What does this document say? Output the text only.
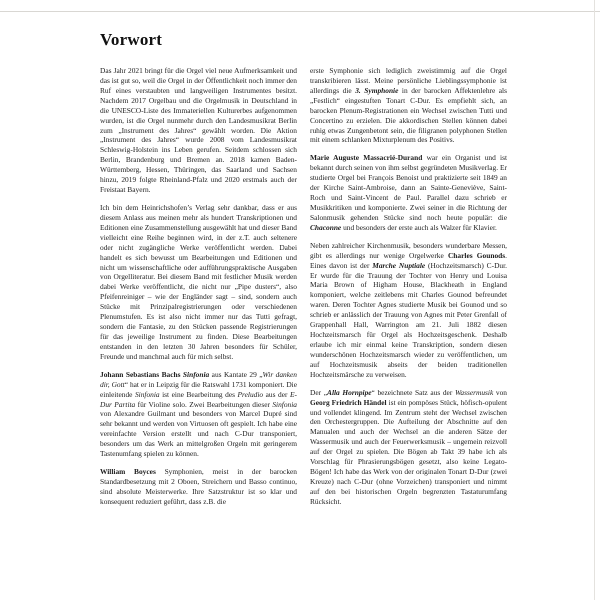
Vorwort

Das Jahr 2021 bringt für die Orgel viel neue Aufmerksamkeit und das ist gut so, weil die Orgel in der Öffentlichkeit noch immer den Ruf eines verstaubten und langweiligen Instrumentes besitzt. Nachdem 2017 Orgelbau und die Orgelmusik in Deutschland in die UNESCO-Liste des Immateriellen Kulturerbes aufgenommen wurden, ist die Orgel nunmehr durch den Landesmusikrat Berlin zum „Instrument des Jahres“ gewählt worden. Die Aktion „Instrument des Jahres“ wurde 2008 vom Landesmusikrat Schleswig-Holstein ins Leben gerufen. Seitdem schlossen sich Berlin, Brandenburg und Bremen an. 2018 kamen Baden-Württemberg, Hessen, Thüringen, das Saarland und Sachsen hinzu, 2019 folgte Rheinland-Pfalz und 2020 erstmals auch der Freistaat Bayern.

Ich bin dem Heinrichshofen’s Verlag sehr dankbar, dass er aus diesem Anlass aus meinen mehr als hundert Transkriptionen und Editionen eine Zusammenstellung ausgewählt hat und dieser Band vielleicht eine Reihe beginnen wird, in der z.T. auch seltenere oder nicht zugängliche Werke veröffentlicht werden. Dabei handelt es sich bewusst um Bearbeitungen und Editionen und nicht um wissenschaftliche oder aufführungspraktische Ausgaben von Orgelliteratur. Bei diesem Band mit festlicher Musik werden dabei Werke veröffentlicht, die nicht nur „Pipe dusters“, also Pfeifenreiniger – wie der Engländer sagt – sind, sondern auch Stücke mit Prinzipalregistrierungen oder verschiedenen Plenumstufen. Es ist also nicht immer nur das Tutti gefragt, sondern die Fantasie, zu den Stücken passende Registrierungen für das jeweilige Instrument zu finden. Diese Bearbeitungen entstanden in den letzten 30 Jahren besonders für Schüler, Freunde und manchmal auch für mich selbst.

Johann Sebastians Bachs Sinfonia aus Kantate 29 „Wir danken dir, Gott“ hat er in Leipzig für die Ratswahl 1731 komponiert. Die einleitende Sinfonia ist eine Bearbeitung des Preludio aus der E-Dur Partita für Violine solo. Zwei Bearbeitungen dieser Sinfonia von Alexandre Guilmant und besonders von Marcel Dupré sind sehr bekannt und werden von Virtuosen oft gespielt. Ich habe eine vereinfachte Version erstellt und nach C-Dur transponiert, besonders um das Werk an mittelgroßen Orgeln mit geringerem Tastenumfang spielen zu können.

William Boyces Symphonien, meist in der barocken Standardbesetzung mit 2 Oboen, Streichern und Basso continuo, sind absolute Meisterwerke. Ihre Satzstruktur ist so klar und konsequent reduziert geführt, dass z.B. die

erste Symphonie sich lediglich zweistimmig auf die Orgel transkribieren lässt. Meine persönliche Lieblingssymphonie ist allerdings die 3. Symphonie in der barocken Affektenlehre als „Festlich“ eingestuften Tonart C-Dur. Es empfiehlt sich, an barocken Plenum-Registrationen ein Wechsel zwischen Tutti und Concertino zu erzielen. Die akkordischen Stellen können dabei ruhig etwas Zungenbetont sein, die filigranen polyphonen Stellen mit einem schlanken Mixturplenum des Positivs.

Marie Auguste Massacrié-Durand war ein Organist und ist bekannt durch seinen von ihm selbst gegründeten Musikverlag. Er studierte Orgel bei François Benoist und praktizierte seit 1849 an der Kirche Saint-Ambroise, dann an Sainte-Geneviève, Saint-Roch und Saint-Vincent de Paul. Parallel dazu schrieb er Musikkritiken und komponierte. Zwei seiner in die Richtung der Salonmusik gehenden Stücke sind noch heute populär: die Chaconne und besonders der erste auch als Walzer für Klavier.

Neben zahlreicher Kirchenmusik, besonders wunderbare Messen, gibt es allerdings nur wenige Orgelwerke Charles Gounods. Eines davon ist der Marche Nuptiale (Hochzeitsmarsch) C-Dur. Er wurde für die Trauung der Tochter von Henry und Louisa Maria Brown of Higham House, Blackheath in England komponiert, welche zeitlebens mit Charles Gounod befreundet waren. Deren Tochter Agnes studierte Musik bei Gounod und so schrieb er anlässlich der Trauung von Agnes mit Peter Grenfall of Grappenhall Hall, Warrington am 21. Juli 1882 diesen Hochzeitsmarsch für Orgel als Hochzeitsgeschenk. Deshalb erlaube ich mir einmal keine Transkription, sondern diesen wunderschönen Hochzeitsmarsch wieder zu veröffentlichen, um auf Hochzeitsmusik abseits der beiden traditionellen Hochzeitsmärsche zu verweisen.

Der „Alla Hornpipe“ bezeichnete Satz aus der Wassermusik von Georg Friedrich Händel ist ein pompöses Stück, höfisch-opulent und vollendet klingend. Im Zentrum steht der Wechsel zwischen den Orchestergruppen. Die Aufteilung der Abschnitte auf den Manualen und auch der Wechsel an die anderen Sätze der Wassermusik und auch der Feuerwerksmusik – ungemein reizvoll auf der Orgel zu spielen. Die Bögen ab Takt 39 habe ich als Vorschlag für Phrasierungsbögen gesetzt, also keine Legato-Bögen! Ich habe das Werk von der originalen Tonart D-Dur (zwei Kreuze) nach C-Dur (ohne Vorzeichen) transponiert und nimmt auf den bei historischen Orgeln begrenzten Tastaturumfang Rücksicht.
